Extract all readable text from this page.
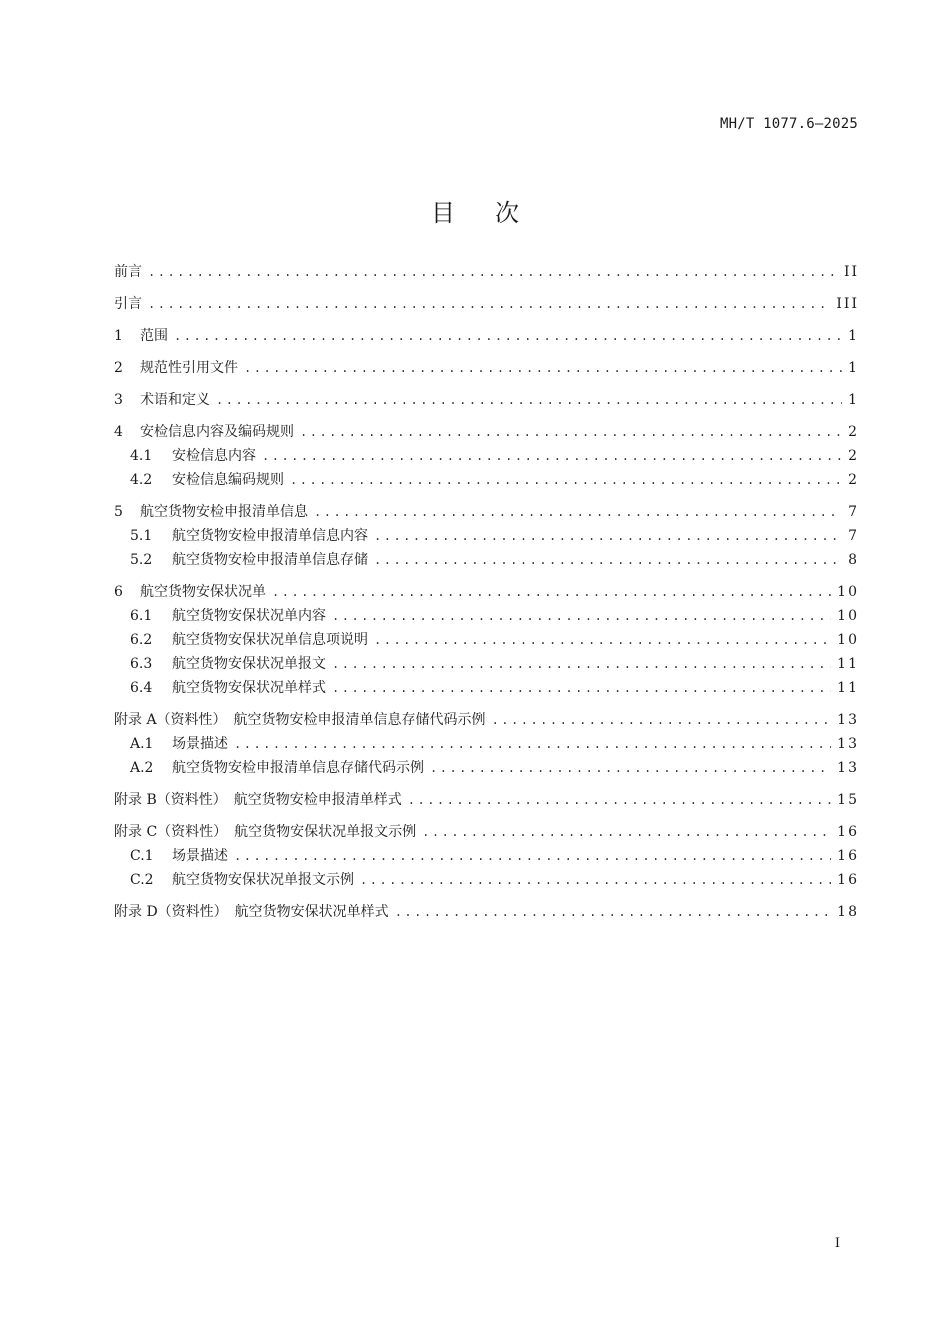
MH/T 1077.6—2025
目次
前言 .....	II
引言 .....	III
1	范围 .....	1
2	规范性引用文件 .....	1
3	术语和定义 .....	1
4	安检信息内容及编码规则 .....	2
4.1	安检信息内容 .....	2
4.2	安检信息编码规则 .....	2
5	航空货物安检申报清单信息 .....	7
5.1	航空货物安检申报清单信息内容 .....	7
5.2	航空货物安检申报清单信息存储 .....	8
6	航空货物安保状况单 .....	10
6.1	航空货物安保状况单内容 .....	10
6.2	航空货物安保状况单信息项说明 .....	10
6.3	航空货物安保状况单报文 .....	11
6.4	航空货物安保状况单样式 .....	11
附录 A（资料性）　航空货物安检申报清单信息存储代码示例 .....	13
A.1	场景描述 .....	13
A.2	航空货物安检申报清单信息存储代码示例 .....	13
附录 B（资料性）　航空货物安检申报清单样式 .....	15
附录 C（资料性）　航空货物安保状况单报文示例 .....	16
C.1	场景描述 .....	16
C.2	航空货物安保状况单报文示例 .....	16
附录 D（资料性）　航空货物安保状况单样式 .....	18
I
